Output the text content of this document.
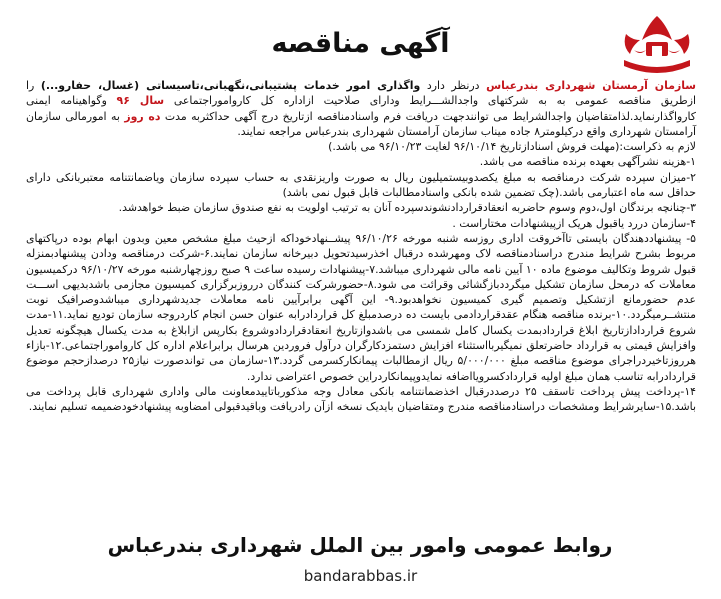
آگهی مناقصه

سازمان آرمستان شهرداری بندرعباس درنظر دارد واگذاری امور خدمات پشتیبانی،نگهبانی،تاسیساتی (غسال، حفارو...) را ازطریق مناقصه عمومی به به شرکتهای واجدالشـــرایط ودارای صلاحیت ازاداره کل کارواموراجتماعی سال ۹۶ وگواهینامه ایمنی کارواگذارنماید.لذامتقاضیان واجدالشرایط می توانندجهت دریافت فرم واسنادمناقصه ازتاریخ درج آگهی حداکثربه مدت ده روز به امورمالی سازمان آرامستان شهرداری واقع درکیلومتر۸ جاده میناب سازمان آرامستان شهرداری بندرعباس مراجعه نمایند.

لازم به ذکراست:(مهلت فروش اسنادازتاریخ ۹۶/۱۰/۱۴ لغایت ۹۶/۱۰/۲۳ می باشد.)

۱-هزینه نشرآگهی بعهده برنده مناقصه می باشد.

۲-میزان سپرده شرکت درمناقصه به مبلغ یکصدوبیستمیلیون ریال به صورت واریزنقدی به حساب سپرده سازمان ویاضمانتنامه معتبربانکی دارای حداقل سه ماه اعتبارمی باشد.(چک تضمین شده بانکی واسنادمطالبات قابل قبول نمی باشد)

۳-چنانچه برندگان اول،دوم وسوم حاضربه انعقادقراردادنشوندسپرده آنان به ترتیب اولویت به نفع صندوق سازمان ضبط خواهدشد.

۴-سازمان دررد یاقبول هریک ازپیشنهادات مختاراست .

۵- پیشنهاددهندگان بایستی تاآخروقت اداری روزسه شنبه مورخه ۹۶/۱۰/۲۶ پیشــنهادخوداکه ازحیث مبلغ مشخص معین وبدون ابهام بوده درپاکتهای مربوط بشرح شرایط مندرج دراسنادمناقصه لاک ومهرشده درقبال اخذرسیدتحویل دبیرخانه سازمان نمایند.۶-شرکت درمناقصه ودادن پیشنهادبمنزله قبول شروط وتکالیف موضوع ماده ۱۰ آیین نامه مالی شهرداری میباشد.۷-پیشنهادات رسیده ساعت ۹ صبح روزچهارشنبه مورخه ۹۶/۱۰/۲۷ درکمیسیون معاملات که درمحل سازمان تشکیل میگرددبازگشائی وقرائت می شود.۸-حضورشرکت کنندگان درروزبرگزاری کمیسیون مجازمی باشدبدیهی اســـت عدم حضورمانع ازتشکیل وتصمیم گیری کمیسیون نخواهدبود.۹- این آگهی برابرآیین نامه معاملات جدیدشهرداری میباشدوصرافیک نوبت منتشــرمیگردد.۱۰-برنده مناقصه هنگام عقدقراردادمی بایست ده درصدمبلغ کل قراردادرابه عنوان حسن انجام کاردروجه سازمان تودیع نماید.۱۱-مدت شروع قراردادازتاریخ ابلاغ قراردادبمدت یکسال کامل شمسی می باشدوازتاریخ انعقادقراردادوشروع بکارپس ازابلاغ به مدت یکسال هیچگونه تعدیل وافزایش قیمتی به قرارداد حاضرتعلق نمیگیربااستثناء افزایش دستمزدکارگران درآول فروردین هرسال برابراعلام اداره کل کارواموراجتماعی.۱۲-بازاء هرروزتاخیردراجرای موضوع مناقصه مبلغ ۵/۰۰۰/۰۰۰ ریال ازمطالبات پیمانکارکسرمی گردد.۱۳-سازمان می تواندصورت نیاز۲۵ درصدازحجم موضوع قراردادرابه تناسب همان مبلغ اولیه قراردادکسرویااضافه نمایدوپیمانکاردراین خصوص اعتراضی ندارد.

۱۴-پرداخت پیش پرداخت تاسقف ۲۵ درصددرقبال اخذضمانتنامه بانکی معادل وجه مذکورباتاییدمعاونت مالی واداری شهرداری قابل پرداخت می باشد.۱۵-سایرشرایط ومشخصات دراسنادمناقصه مندرج ومتقاضیان بایدیک نسخه ازآن رادریافت وباقیدقبولی امضاوبه پیشنهادخودضمیمه تسلیم نمایند.

روابط عمومی وامور بین الملل شهرداری بندرعباس
bandarabbas.ir
